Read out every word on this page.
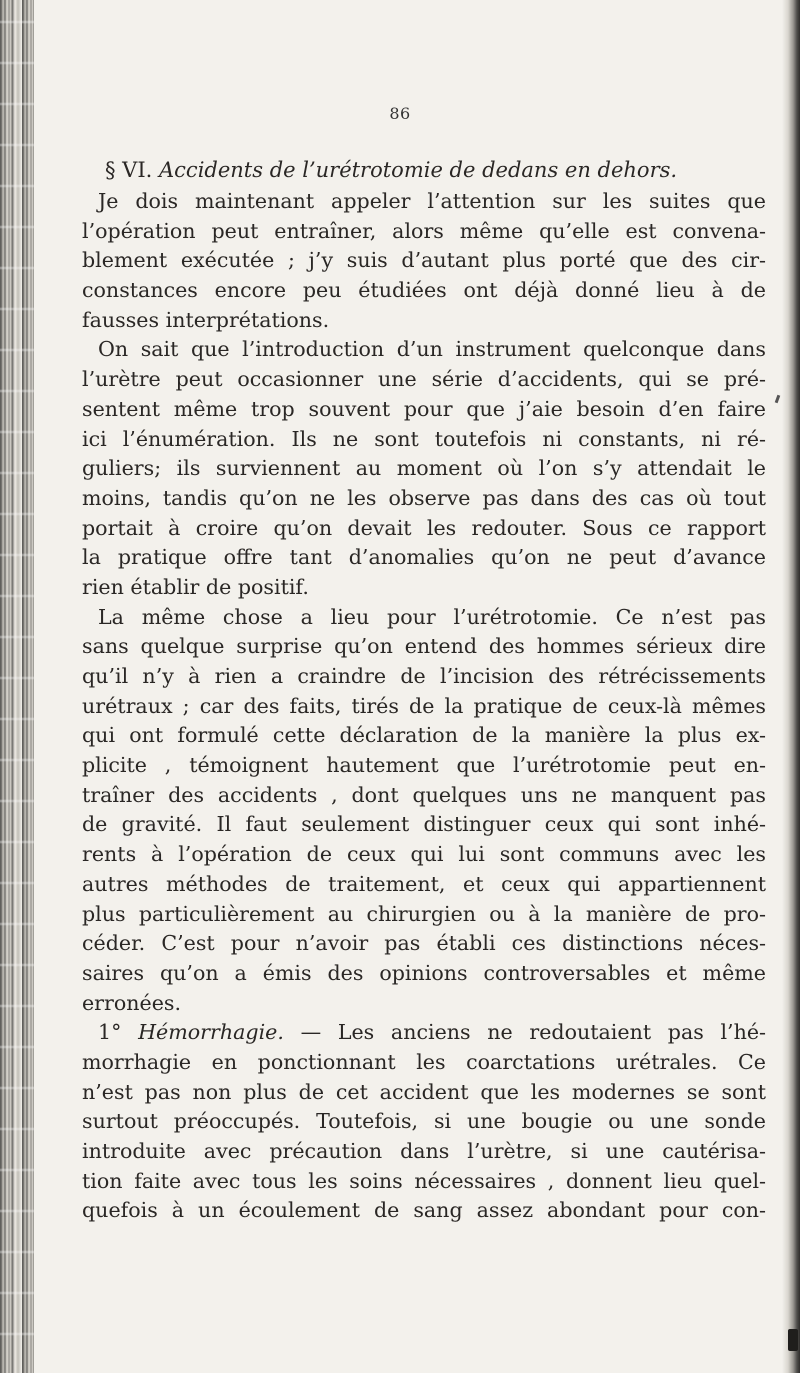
86
§ VI. Accidents de l’urétrotomie de dedans en dehors.
Je dois maintenant appeler l’attention sur les suites que
l’opération peut entraîner, alors même qu’elle est convena-
blement exécutée ; j’y suis d’autant plus porté que des cir-
constances encore peu étudiées ont déjà donné lieu à de
fausses interprétations.
On sait que l’introduction d’un instrument quelconque dans
l’urètre peut occasionner une série d’accidents, qui se pré-
sentent même trop souvent pour que j’aie besoin d’en faire
ici l’énumération. Ils ne sont toutefois ni constants, ni ré-
guliers; ils surviennent au moment où l’on s’y attendait le
moins, tandis qu’on ne les observe pas dans des cas où tout
portait à croire qu’on devait les redouter. Sous ce rapport
la pratique offre tant d’anomalies qu’on ne peut d’avance
rien établir de positif.
La même chose a lieu pour l’urétrotomie. Ce n’est pas
sans quelque surprise qu’on entend des hommes sérieux dire
qu’il n’y à rien a craindre de l’incision des rétrécissements
urétraux ; car des faits, tirés de la pratique de ceux-là mêmes
qui ont formulé cette déclaration de la manière la plus ex-
plicite , témoignent hautement que l’urétrotomie peut en-
traîner des accidents , dont quelques uns ne manquent pas
de gravité. Il faut seulement distinguer ceux qui sont inhé-
rents à l’opération de ceux qui lui sont communs avec les
autres méthodes de traitement, et ceux qui appartiennent
plus particulièrement au chirurgien ou à la manière de pro-
céder. C’est pour n’avoir pas établi ces distinctions néces-
saires qu’on a émis des opinions controversables et même
erronées.
1° Hémorrhagie. — Les anciens ne redoutaient pas l’hé-
morrhagie en ponctionnant les coarctations urétrales. Ce
n’est pas non plus de cet accident que les modernes se sont
surtout préoccupés. Toutefois, si une bougie ou une sonde
introduite avec précaution dans l’urètre, si une cautérisa-
tion faite avec tous les soins nécessaires , donnent lieu quel-
quefois à un écoulement de sang assez abondant pour con-
